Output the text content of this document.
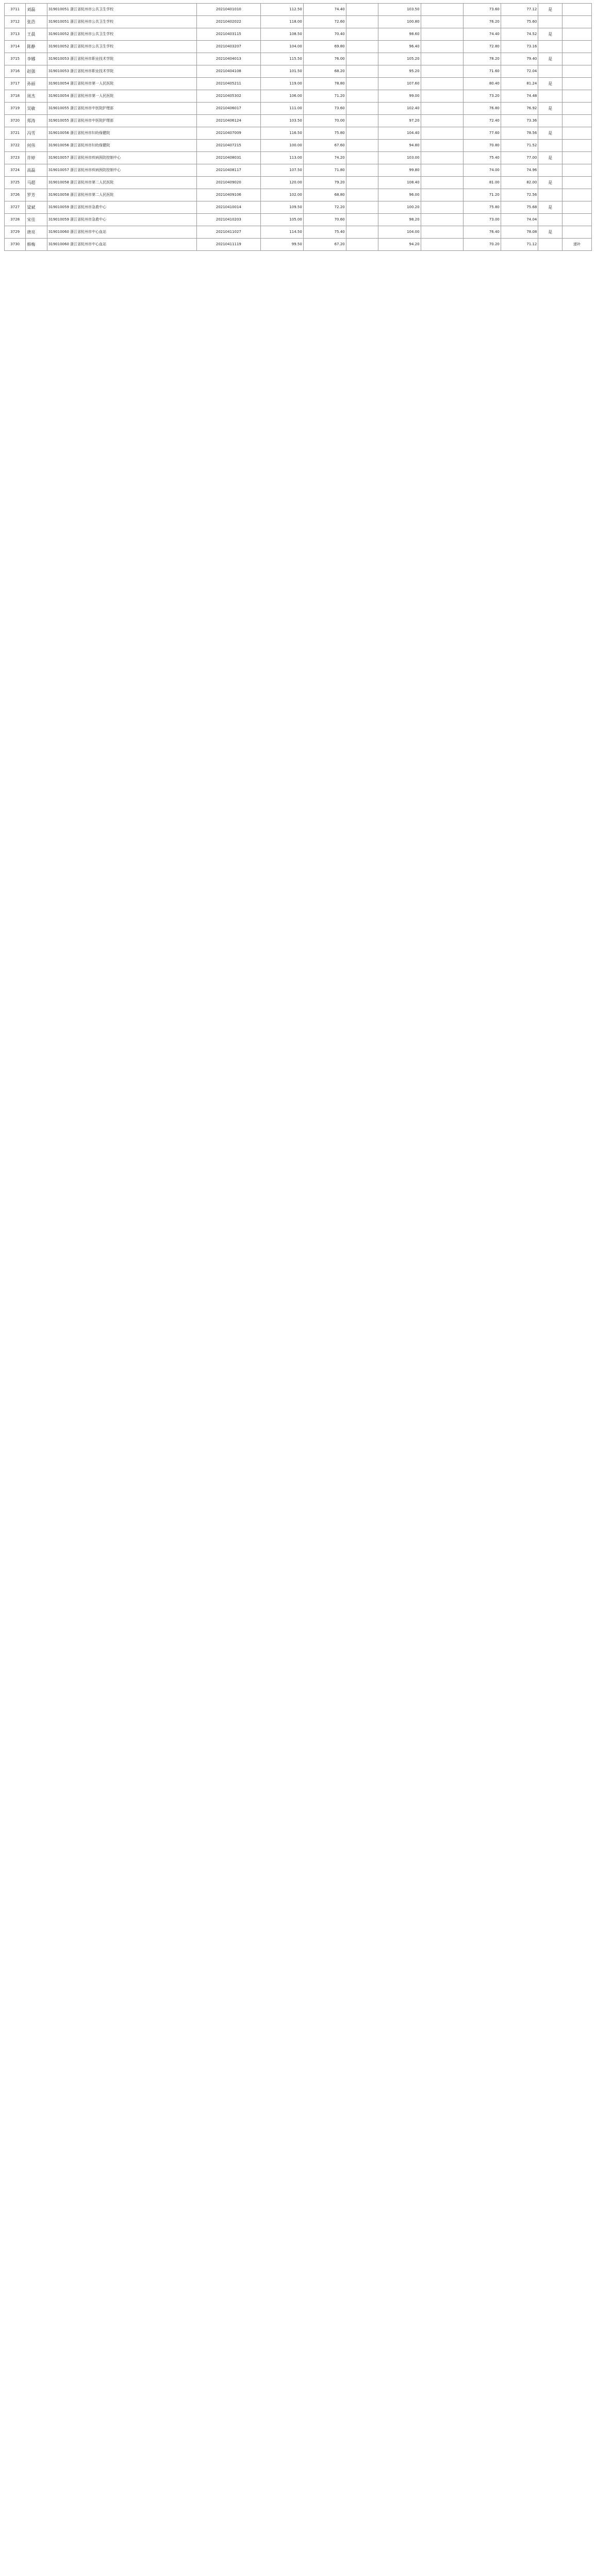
3711	刘磊	319010051 浙江省杭州市公共卫生学校	20210401010	112.50	74.40		103.50		73.60	77.12	是	
3712	张浩	319010051 浙江省杭州市公共卫生学校	20210402022	118.00	72.60		100.80		76.20	75.60		
3713	王晨	319010052 浙江省杭州市公共卫生学校	20210403115	108.50	70.40		98.60		74.40	74.52	是	
3714	陈静	319010052 浙江省杭州市公共卫生学校	20210403207	104.00	69.80		96.40		72.80	73.16		
3715	李娜	319010053 浙江省杭州市职业技术学院	20210404013	115.50	76.00		105.20		78.20	79.40	是	
3716	赵强	319010053 浙江省杭州市职业技术学院	20210404108	101.50	68.20		95.20		71.60	72.04		
3717	孙丽	319010054 浙江省杭州市第一人民医院	20210405211	119.00	78.80		107.60		80.40	81.24	是	
3718	周杰	319010054 浙江省杭州市第一人民医院	20210405302	106.00	71.20		99.00		73.20	74.48		
3719	吴敏	319010055 浙江省杭州市中医院护理部	20210406017	111.00	73.60		102.40		76.80	76.92	是	
3720	郑涛	319010055 浙江省杭州市中医院护理部	20210406124	103.50	70.00		97.20		72.40	73.36		
3721	冯雪	319010056 浙江省杭州市妇幼保健院	20210407009	116.50	75.80		104.40		77.60	78.56	是	
3722	何伟	319010056 浙江省杭州市妇幼保健院	20210407215	100.00	67.60		94.80		70.80	71.52		
3723	许婷	319010057 浙江省杭州市疾病预防控制中心	20210408031	113.00	74.20		103.00		75.40	77.00	是	
3724	高磊	319010057 浙江省杭州市疾病预防控制中心	20210408117	107.50	71.80		99.80		74.00	74.96		
3725	马超	319010058 浙江省杭州市第二人民医院	20210409020	120.00	79.20		108.40		81.00	82.00	是	
3726	罗芳	319010058 浙江省杭州市第二人民医院	20210409106	102.00	68.80		96.00		71.20	72.56		
3727	梁斌	319010059 浙江省杭州市急救中心	20210410014	109.50	72.20		100.20		75.80	75.68	是	
3728	宋佳	319010059 浙江省杭州市急救中心	20210410203	105.00	70.60		98.20		73.00	74.04		
3729	唐亮	319010060 浙江省杭州市中心血站	20210411027	114.50	75.40		104.00		76.40	78.08	是	
3730	韩梅	319010060 浙江省杭州市中心血站	20210411119	99.50	67.20		94.20		70.20	71.12		递补
